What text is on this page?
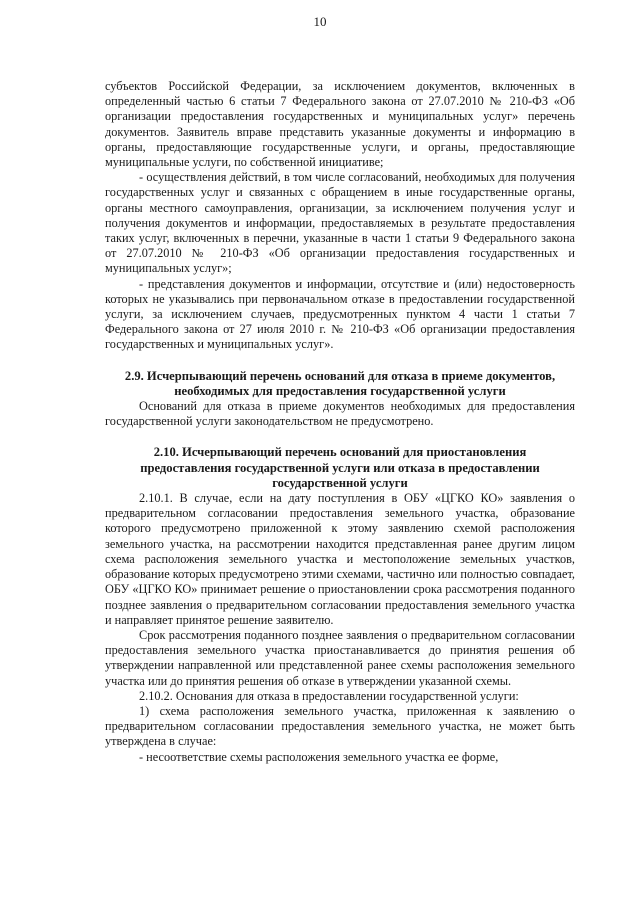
10

субъектов Российской Федерации, за исключением документов, включенных в определенный частью 6 статьи 7 Федерального закона от 27.07.2010 № 210-ФЗ «Об организации предоставления государственных и муниципальных услуг» перечень документов. Заявитель вправе представить указанные документы и информацию в органы, предоставляющие государственные услуги, и органы, предоставляющие муниципальные услуги, по собственной инициативе;

- осуществления действий, в том числе согласований, необходимых для получения государственных услуг и связанных с обращением в иные государственные органы, органы местного самоуправления, организации, за исключением получения услуг и получения документов и информации, предоставляемых в результате предоставления таких услуг, включенных в перечни, указанные в части 1 статьи 9 Федерального закона от 27.07.2010 № 210-ФЗ «Об организации предоставления государственных и муниципальных услуг»;

- представления документов и информации, отсутствие и (или) недостоверность которых не указывались при первоначальном отказе в предоставлении государственной услуги, за исключением случаев, предусмотренных пунктом 4 части 1 статьи 7 Федерального закона от 27 июля 2010 г. № 210-ФЗ «Об организации предоставления государственных и муниципальных услуг».

2.9. Исчерпывающий перечень оснований для отказа в приеме документов,
необходимых для предоставления государственной услуги

Оснований для отказа в приеме документов необходимых для предоставления государственной услуги законодательством не предусмотрено.

2.10. Исчерпывающий перечень оснований для приостановления предоставления государственной услуги или отказа в предоставлении государственной услуги

2.10.1. В случае, если на дату поступления в ОБУ «ЦГКО КО» заявления о предварительном согласовании предоставления земельного участка, образование которого предусмотрено приложенной к этому заявлению схемой расположения земельного участка, на рассмотрении находится представленная ранее другим лицом схема расположения земельного участка и местоположение земельных участков, образование которых предусмотрено этими схемами, частично или полностью совпадает, ОБУ «ЦГКО КО» принимает решение о приостановлении срока рассмотрения поданного позднее заявления о предварительном согласовании предоставления земельного участка и направляет принятое решение заявителю.

Срок рассмотрения поданного позднее заявления о предварительном согласовании предоставления земельного участка приостанавливается до принятия решения об утверждении направленной или представленной ранее схемы расположения земельного участка или до принятия решения об отказе в утверждении указанной схемы.

2.10.2. Основания для отказа в предоставлении государственной услуги:

1) схема расположения земельного участка, приложенная к заявлению о предварительном согласовании предоставления земельного участка, не может быть утверждена в случае:

- несоответствие схемы расположения земельного участка ее форме,
